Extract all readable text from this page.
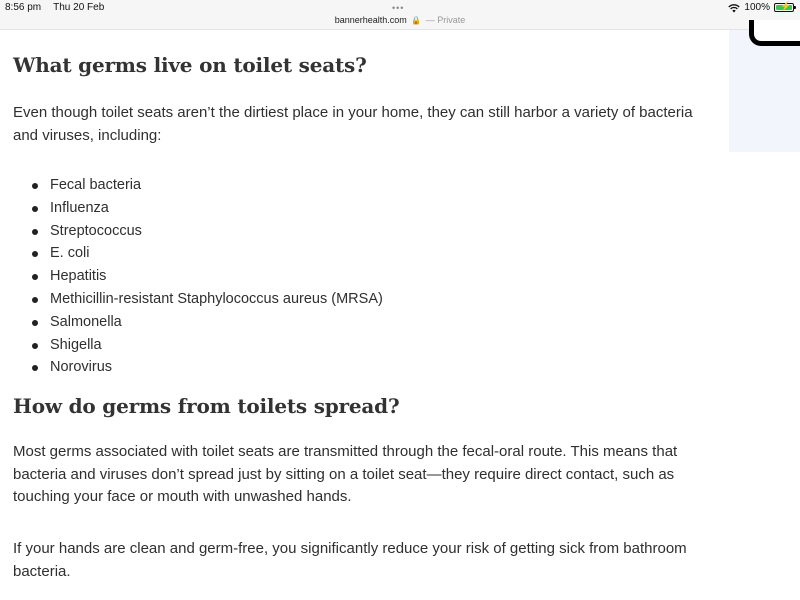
8:56 pm Thu 20 Feb	•••
bannerhealth.com 🔒 — Private
100% ⚡
What germs live on toilet seats?

Even though toilet seats aren’t the dirtiest place in your home, they can still harbor a variety of bacteria and viruses, including:

Fecal bacteria
Influenza
Streptococcus
E. coli
Hepatitis
Methicillin-resistant Staphylococcus aureus (MRSA)
Salmonella
Shigella
Norovirus
How do germs from toilets spread?

Most germs associated with toilet seats are transmitted through the fecal-oral route. This means that bacteria and viruses don’t spread just by sitting on a toilet seat—they require direct contact, such as touching your face or mouth with unwashed hands.

If your hands are clean and germ-free, you significantly reduce your risk of getting sick from bathroom bacteria.
